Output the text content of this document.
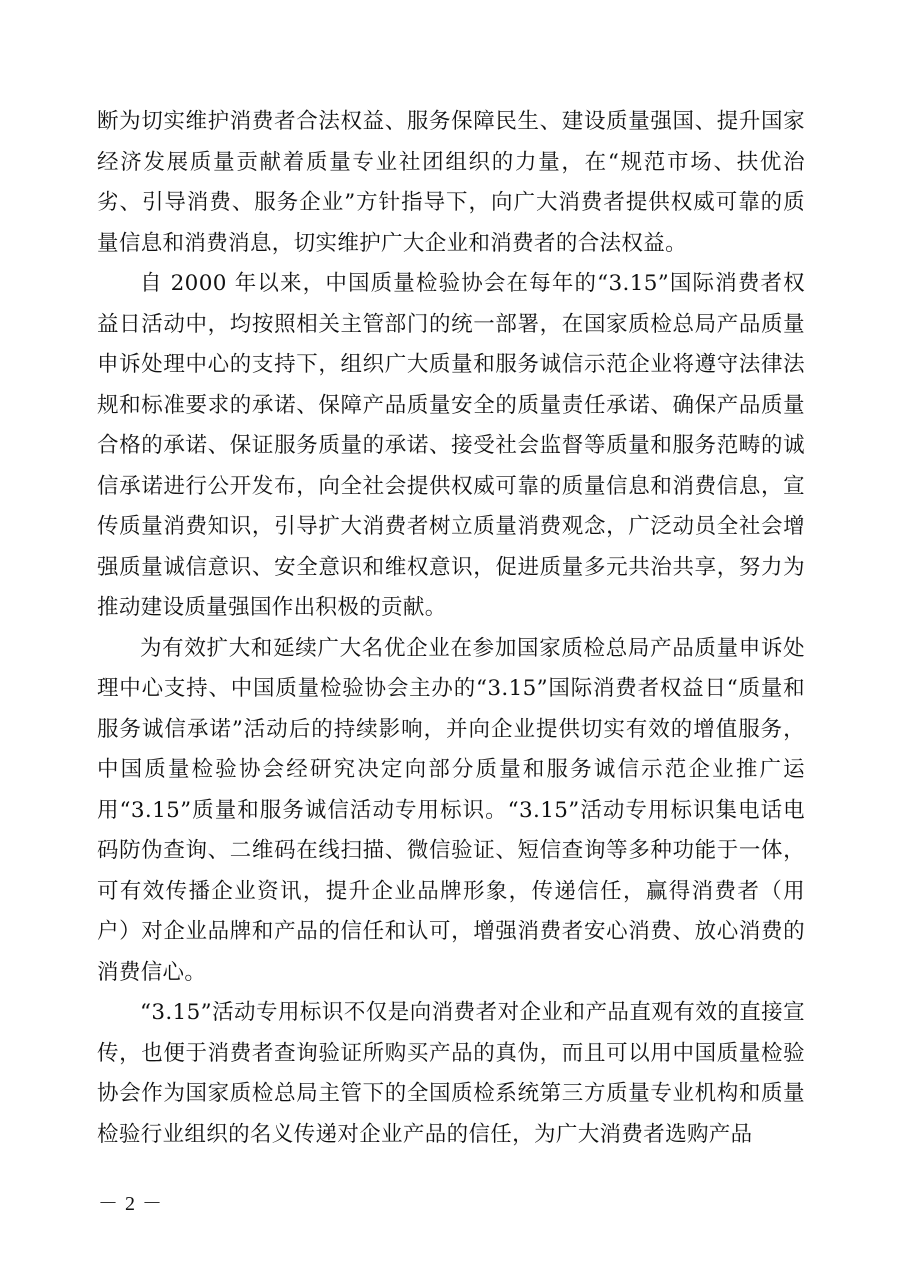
断为切实维护消费者合法权益、服务保障民生、建设质量强国、提升国家经济发展质量贡献着质量专业社团组织的力量，在“规范市场、扶优治劣、引导消费、服务企业”方针指导下，向广大消费者提供权威可靠的质量信息和消费消息，切实维护广大企业和消费者的合法权益。

自 2000 年以来，中国质量检验协会在每年的“3.15”国际消费者权益日活动中，均按照相关主管部门的统一部署，在国家质检总局产品质量申诉处理中心的支持下，组织广大质量和服务诚信示范企业将遵守法律法规和标准要求的承诺、保障产品质量安全的质量责任承诺、确保产品质量合格的承诺、保证服务质量的承诺、接受社会监督等质量和服务范畴的诚信承诺进行公开发布，向全社会提供权威可靠的质量信息和消费信息，宣传质量消费知识，引导扩大消费者树立质量消费观念，广泛动员全社会增强质量诚信意识、安全意识和维权意识，促进质量多元共治共享，努力为推动建设质量强国作出积极的贡献。

为有效扩大和延续广大名优企业在参加国家质检总局产品质量申诉处理中心支持、中国质量检验协会主办的“3.15”国际消费者权益日“质量和服务诚信承诺”活动后的持续影响，并向企业提供切实有效的增值服务，中国质量检验协会经研究决定向部分质量和服务诚信示范企业推广运用“3.15”质量和服务诚信活动专用标识。“3.15”活动专用标识集电话电码防伪查询、二维码在线扫描、微信验证、短信查询等多种功能于一体，可有效传播企业资讯，提升企业品牌形象，传递信任，赢得消费者（用户）对企业品牌和产品的信任和认可，增强消费者安心消费、放心消费的消费信心。

“3.15”活动专用标识不仅是向消费者对企业和产品直观有效的直接宣传，也便于消费者查询验证所购买产品的真伪，而且可以用中国质量检验协会作为国家质检总局主管下的全国质检系统第三方质量专业机构和质量检验行业组织的名义传递对企业产品的信任，为广大消费者选购产品

－ 2 －
